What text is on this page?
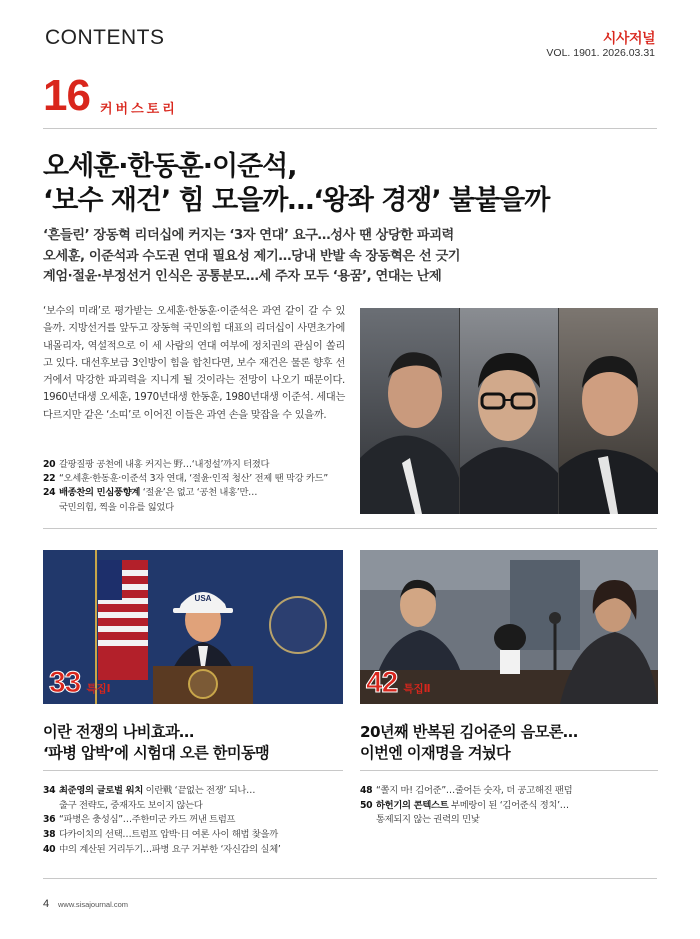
CONTENTS	시사저널
VOL. 1901. 2026.03.31
16 커버스토리
오세훈·한동훈·이준석,
‘보수 재건’ 힘 모을까…‘왕좌 경쟁’ 불붙을까
‘흔들린’ 장동혁 리더십에 커지는 ‘3자 연대’ 요구…성사 땐 상당한 파괴력
오세훈, 이준석과 수도권 연대 필요성 제기…당내 반발 속 장동혁은 선 긋기
계엄·절윤·부정선거 인식은 공통분모…세 주자 모두 ‘용꿈’, 연대는 난제
‘보수의 미래’로 평가받는 오세훈·한동훈·이준석은 과연 같이 갈 수 있을까. 지방선거를 앞두고 장동혁 국민의힘 대표의 리더십이 사면초가에 내몰리자, 역설적으로 이 세 사람의 연대 여부에 정치권의 관심이 쏠리고 있다. 대선후보급 3인방이 힘을 합친다면, 보수 재건은 물론 향후 선거에서 막강한 파괴력을 지니게 될 것이라는 전망이 나오기 때문이다. 1960년대생 오세훈, 1970년대생 한동훈, 1980년대생 이준석. 세대는 다르지만 같은 ‘소띠’로 이어진 이들은 과연 손을 맞잡을 수 있을까.
20 갈팡질팡 공천에 내홍 커지는 野…‘내정설’까지 터졌다
22 “오세훈·한동훈·이준석 3자 연대, ‘절윤·인적 청산’ 전제 땐 막강 카드”
24 배종찬의 민심풍향계 ‘절윤’은 없고 ‘공천 내홍’만…
국민의힘, 찍을 이유를 잃었다
USA
33 특집Ⅰ	42 특집Ⅱ
이란 전쟁의 나비효과…
‘파병 압박’에 시험대 오른 한미동맹
20년째 반복된 김어준의 음모론…
이번엔 이재명을 겨눴다
34 최준영의 글로벌 워치 이란戰 ‘끝없는 전쟁’ 되나…
출구 전략도, 중재자도 보이지 않는다
36 “파병은 충성심”…주한미군 카드 꺼낸 트럼프
38 다카이치의 선택…트럼프 압박·日 여론 사이 해법 찾을까
40 中의 계산된 거리두기…파병 요구 거부한 ‘자신감의 실체’
48 “쫄지 마! 김어준”…줄어든 숫자, 더 공고해진 팬덤
50 하헌기의 콘텍스트 부메랑이 된 ‘김어준식 정치’…
통제되지 않는 권력의 민낯
4 www.sisajournal.com
